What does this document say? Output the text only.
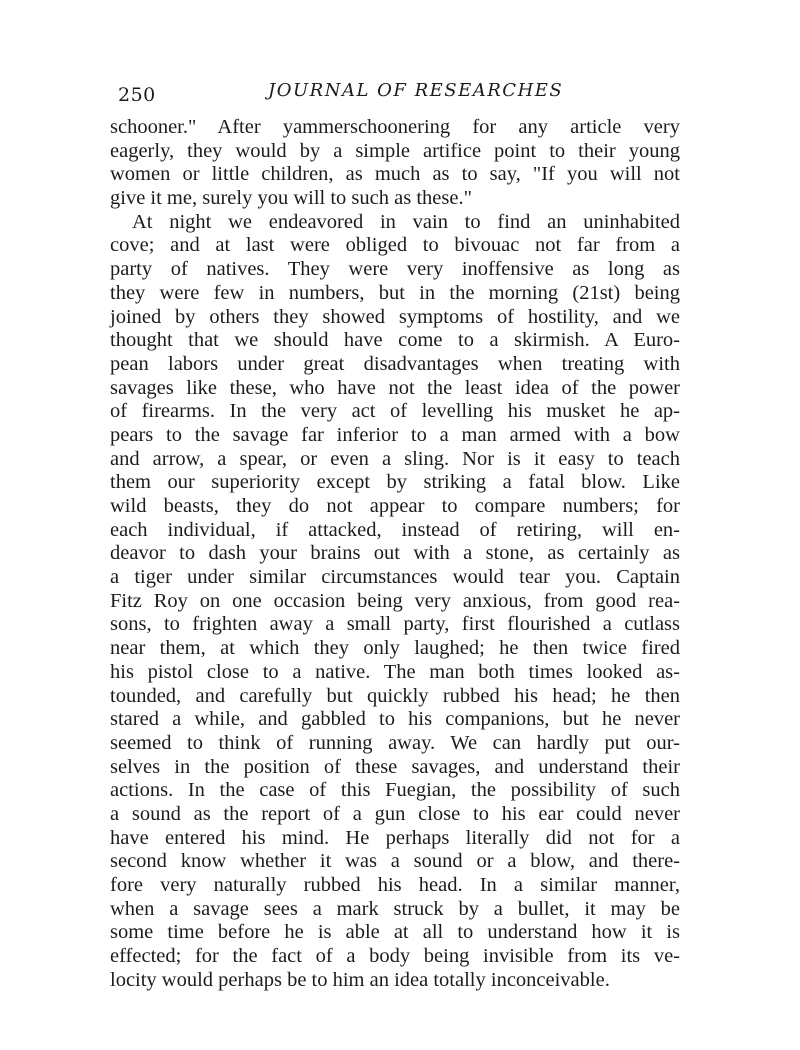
250	JOURNAL OF RESEARCHES
schooner." After yammerschoonering for any article very
eagerly, they would by a simple artifice point to their young
women or little children, as much as to say, "If you will not
give it me, surely you will to such as these."
At night we endeavored in vain to find an uninhabited
cove; and at last were obliged to bivouac not far from a
party of natives. They were very inoffensive as long as
they were few in numbers, but in the morning (21st) being
joined by others they showed symptoms of hostility, and we
thought that we should have come to a skirmish. A Euro-
pean labors under great disadvantages when treating with
savages like these, who have not the least idea of the power
of firearms. In the very act of levelling his musket he ap-
pears to the savage far inferior to a man armed with a bow
and arrow, a spear, or even a sling. Nor is it easy to teach
them our superiority except by striking a fatal blow. Like
wild beasts, they do not appear to compare numbers; for
each individual, if attacked, instead of retiring, will en-
deavor to dash your brains out with a stone, as certainly as
a tiger under similar circumstances would tear you. Captain
Fitz Roy on one occasion being very anxious, from good rea-
sons, to frighten away a small party, first flourished a cutlass
near them, at which they only laughed; he then twice fired
his pistol close to a native. The man both times looked as-
tounded, and carefully but quickly rubbed his head; he then
stared a while, and gabbled to his companions, but he never
seemed to think of running away. We can hardly put our-
selves in the position of these savages, and understand their
actions. In the case of this Fuegian, the possibility of such
a sound as the report of a gun close to his ear could never
have entered his mind. He perhaps literally did not for a
second know whether it was a sound or a blow, and there-
fore very naturally rubbed his head. In a similar manner,
when a savage sees a mark struck by a bullet, it may be
some time before he is able at all to understand how it is
effected; for the fact of a body being invisible from its ve-
locity would perhaps be to him an idea totally inconceivable.
